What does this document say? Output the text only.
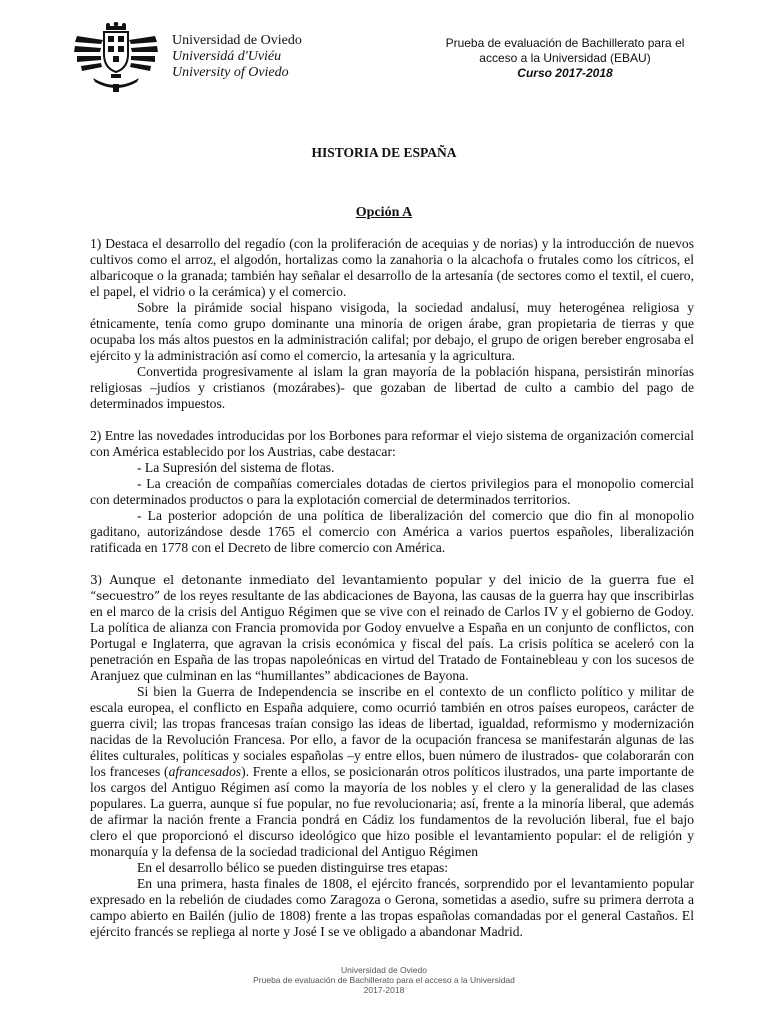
Universidad de Oviedo
Universidá d'Uviéu
University of Oviedo
Prueba de evaluación de Bachillerato para el
acceso a la Universidad (EBAU)
Curso 2017-2018
HISTORIA DE ESPAÑA
Opción A

1) Destaca el desarrollo del regadío (con la proliferación de acequias y de norias) y la introducción de nuevos cultivos como el arroz, el algodón, hortalizas como la zanahoria o la alcachofa o frutales como los cítricos, el albaricoque o la granada; también hay señalar el desarrollo de la artesanía (de sectores como el textil, el cuero, el papel, el vidrio o la cerámica) y el comercio.

Sobre la pirámide social hispano visigoda, la sociedad andalusí, muy heterogénea religiosa y étnicamente, tenía como grupo dominante una minoría de origen árabe, gran propietaria de tierras y que ocupaba los más altos puestos en la administración califal; por debajo, el grupo de origen bereber engrosaba el ejército y la administración así como el comercio, la artesanía y la agricultura.

Convertida progresivamente al islam la gran mayoría de la población hispana, persistirán minorías religiosas –judíos y cristianos (mozárabes)- que gozaban de libertad de culto a cambio del pago de determinados impuestos.

2) Entre las novedades introducidas por los Borbones para reformar el viejo sistema de organización comercial con América establecido por los Austrias, cabe destacar:

- La Supresión del sistema de flotas.

- La creación de compañías comerciales dotadas de ciertos privilegios para el monopolio comercial con determinados productos o para la explotación comercial de determinados territorios.

- La posterior adopción de una política de liberalización del comercio que dio fin al monopolio gaditano, autorizándose desde 1765 el comercio con América a varios puertos españoles, liberalización ratificada en 1778 con el Decreto de libre comercio con América.

3) Aunque el detonante inmediato del levantamiento popular y del inicio de la guerra fue el “secuestro” de los reyes resultante de las abdicaciones de Bayona, las causas de la guerra hay que inscribirlas en el marco de la crisis del Antiguo Régimen que se vive con el reinado de Carlos IV y el gobierno de Godoy. La política de alianza con Francia promovida por Godoy envuelve a España en un conjunto de conflictos, con Portugal e Inglaterra, que agravan la crisis económica y fiscal del país. La crisis política se aceleró con la penetración en España de las tropas napoleónicas en virtud del Tratado de Fontainebleau y con los sucesos de Aranjuez que culminan en las “humillantes” abdicaciones de Bayona.

Si bien la Guerra de Independencia se inscribe en el contexto de un conflicto político y militar de escala europea, el conflicto en España adquiere, como ocurrió también en otros países europeos, carácter de guerra civil; las tropas francesas traían consigo las ideas de libertad, igualdad, reformismo y modernización nacidas de la Revolución Francesa. Por ello, a favor de la ocupación francesa se manifestarán algunas de las élites culturales, políticas y sociales españolas –y entre ellos, buen número de ilustrados- que colaborarán con los franceses (afrancesados). Frente a ellos, se posicionarán otros políticos ilustrados, una parte importante de los cargos del Antiguo Régimen así como la mayoría de los nobles y el clero y la generalidad de las clases populares. La guerra, aunque sí fue popular, no fue revolucionaria; así, frente a la minoría liberal, que además de afirmar la nación frente a Francia pondrá en Cádiz los fundamentos de la revolución liberal, fue el bajo clero el que proporcionó el discurso ideológico que hizo posible el levantamiento popular: el de religión y monarquía y la defensa de la sociedad tradicional del Antiguo Régimen

En el desarrollo bélico se pueden distinguirse tres etapas:

En una primera, hasta finales de 1808, el ejército francés, sorprendido por el levantamiento popular expresado en la rebelión de ciudades como Zaragoza o Gerona, sometidas a asedio, sufre su primera derrota a campo abierto en Bailén (julio de 1808) frente a las tropas españolas comandadas por el general Castaños. El ejército francés se repliega al norte y José I se ve obligado a abandonar Madrid.

Universidad de Oviedo
Prueba de evaluación de Bachillerato para el acceso a la Universidad
2017-2018
